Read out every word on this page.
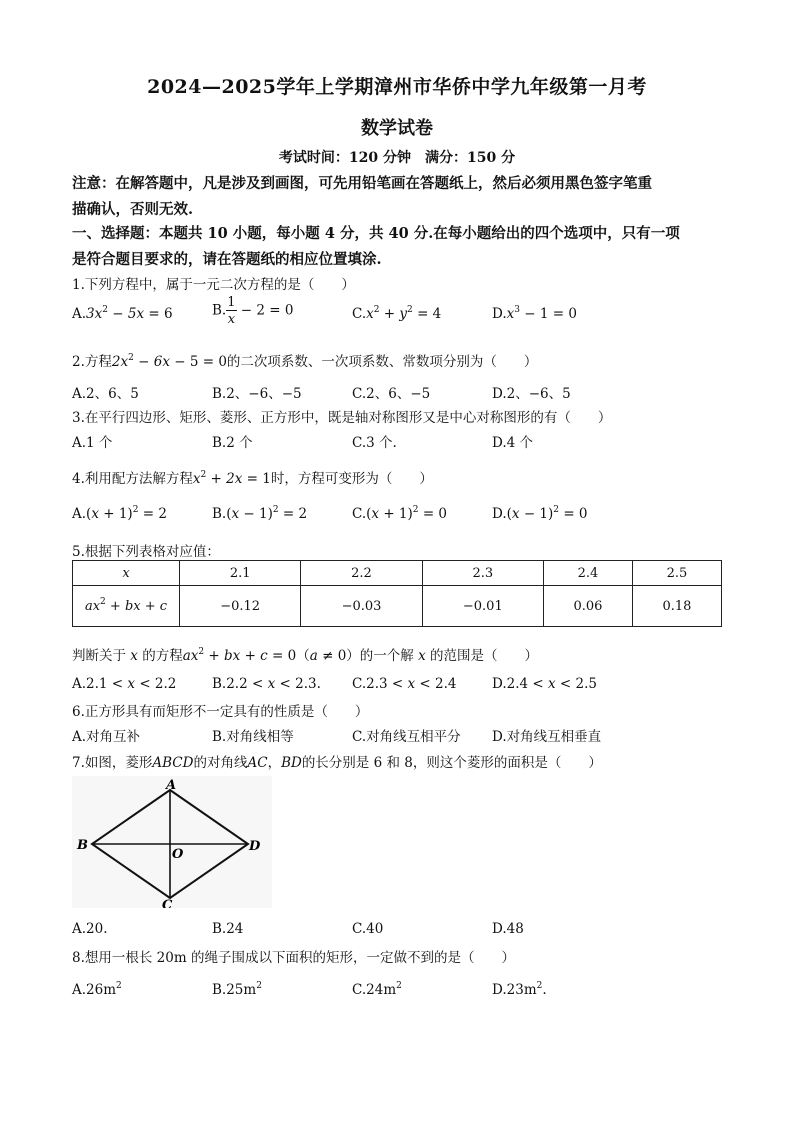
2024—2025学年上学期漳州市华侨中学九年级第一月考
数学试卷
考试时间：120 分钟　满分：150 分
注意：在解答题中，凡是涉及到画图，可先用铅笔画在答题纸上，然后必须用黑色签字笔重
描确认，否则无效.
一、选择题：本题共 10 小题，每小题 4 分，共 40 分.在每小题给出的四个选项中，只有一项
是符合题目要求的，请在答题纸的相应位置填涂.
1.下列方程中，属于一元二次方程的是（　　）
$A.3x^2 - 5x = 6$	B. $\frac{1}{x} - 2 = 0$	$C.x^2 + y^2 = 4$	$D.x^3 - 1 = 0$
2.方程$2x^2 - 6x - 5 = 0$的二次项系数、一次项系数、常数项分别为（　　）
A.2、6、5	B.2、−6、−5	C.2、6、−5	D.2、−6、5
3.在平行四边形、矩形、菱形、正方形中，既是轴对称图形又是中心对称图形的有（　　）
A.1 个	B.2 个	C.3 个.	D.4 个
4.利用配方法解方程$x^2 + 2x = 1$时，方程可变形为（　　）
$A.(x + 1)^2 = 2$	$B.(x - 1)^2 = 2$	$C.(x + 1)^2 = 0$	$D.(x - 1)^2 = 0$
5.根据下列表格对应值：
x	2.1	2.2	2.3	2.4	2.5
$ax^2$ + bx + c	−0.12	−0.03	−0.01	0.06	0.18
判断关于 x 的方程$ax^2$ + bx + c = 0（a ≠ 0）的一个解 x 的范围是（　　）
A.2.1 < x < 2.2	B.2.2 < x < 2.3. C.2.3 < x < 2.4	D.2.4 < x < 2.5
6.正方形具有而矩形不一定具有的性质是（　　）
A.对角互补	B.对角线相等	C.对角线互相平分 D.对角线互相垂直
7.如图，菱形ABCD的对角线AC，BD的长分别是 6 和 8，则这个菱形的面积是（　　）
A
B
C
D
O
A.20.	B.24	C.40	D.48
8.想用一根长 20m 的绳子围成以下面积的矩形，一定做不到的是（　　）
$A.26m^2$	$B.25m^2$	$C.24m^2$	$D.23m^2$.
